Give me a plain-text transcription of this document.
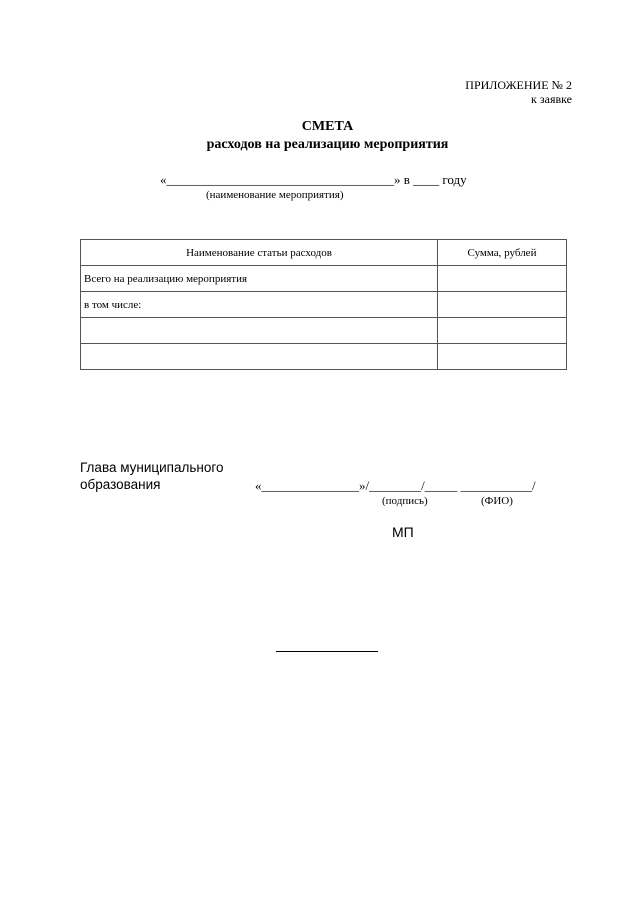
ПРИЛОЖЕНИЕ № 2
к заявке
СМЕТА
расходов на реализацию мероприятия
«___________________________________» в ____ году
(наименование мероприятия)
Наименование статьи расходов	Сумма, рублей
Всего на реализацию мероприятия	
в том числе:	

Глава муниципального образования	«_______________»/________/_____ ___________/
(подпись)	(ФИО)
МП
